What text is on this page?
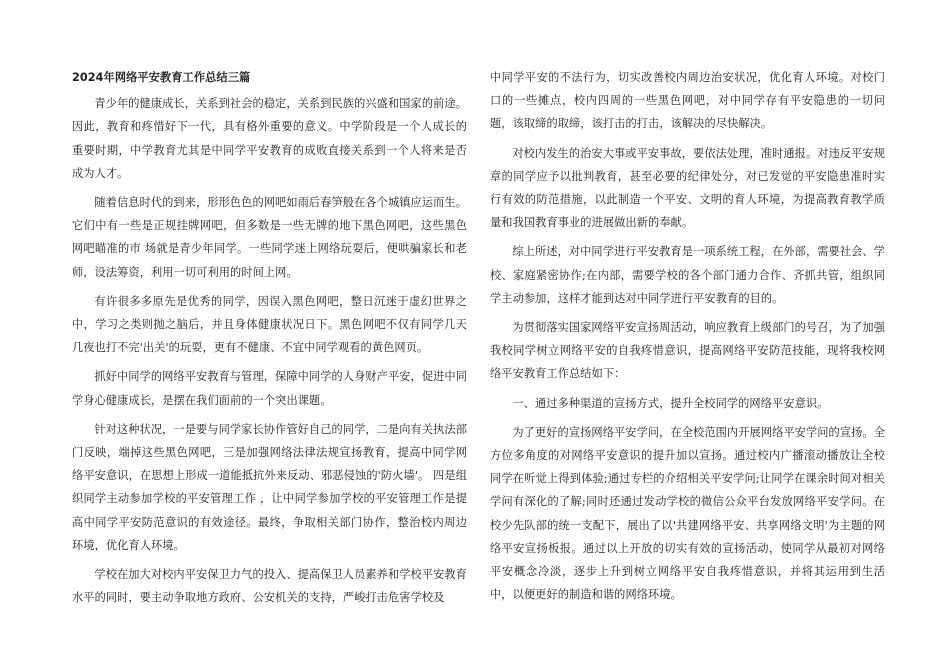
2024年网络平安教育工作总结三篇

青少年的健康成长，关系到社会的稳定，关系到民族的兴盛和国家的前途。因此，教育和疼惜好下一代，具有格外重要的意义。中学阶段是一个人成长的重要时期，中学教育尤其是中同学平安教育的成败直接关系到一个人将来是否成为人才。

随着信息时代的到来，形形色色的网吧如雨后春笋般在各个城镇应运而生。它们中有一些是正规挂牌网吧，但多数是一些无牌的地下黑色网吧，这些黑色网吧瞄准的市 场就是青少年同学。一些同学迷上网络玩耍后，便哄骗家长和老师，设法筹资，利用一切可利用的时间上网。

有许很多多原先是优秀的同学，因误入黑色网吧，整日沉迷于虚幻世界之中，学习之类则抛之脑后，并且身体健康状况日下。黑色网吧不仅有同学几天几夜也打不完'出关'的玩耍，更有不健康、不宜中同学观看的黄色网页。

抓好中同学的网络平安教育与管理，保障中同学的人身财产平安，促进中同学身心健康成长，是摆在我们面前的一个突出课题。

针对这种状况，一是要与同学家长协作管好自己的同学，二是向有关执法部门反映，端掉这些黑色网吧，三是加强网络法律法规宣扬教育，提高中同学网络平安意识，在思想上形成一道能抵抗外来反动、邪恶侵蚀的'防火墙'。 四是组织同学主动参加学校的平安管理工作 ，让中同学参加学校的平安管理工作是提高中同学平安防范意识的有效途径。最终，争取相关部门协作，整治校内周边环境，优化育人环境。

学校在加大对校内平安保卫力气的投入、提高保卫人员素养和学校平安教育水平的同时，要主动争取地方政府、公安机关的支持，严峻打击危害学校及

中同学平安的不法行为，切实改善校内周边治安状况，优化育人环境。对校门口的一些摊点，校内四周的一些黑色网吧，对中同学存有平安隐患的一切问题，该取缔的取缔，该打击的打击，该解决的尽快解决。

对校内发生的治安大事或平安事故，要依法处理，准时通报。对违反平安规章的同学应予以批判教育，甚至必要的纪律处分，对已发觉的平安隐患准时实行有效的防范措施，以此制造一个平安、文明的育人环境，为提高教育教学质量和我国教育事业的进展做出新的奉献。

综上所述，对中同学进行平安教育是一项系统工程，在外部，需要社会、学校、家庭紧密协作;在内部，需要学校的各个部门通力合作、齐抓共管，组织同学主动参加，这样才能到达对中同学进行平安教育的目的。

为贯彻落实国家网络平安宣扬周活动，响应教育上级部门的号召，为了加强我校同学树立网络平安的自我疼惜意识，提高网络平安防范技能，现将我校网络平安教育工作总结如下：

一、通过多种渠道的宣扬方式，提升全校同学的网络平安意识。

为了更好的宣扬网络平安学问，在全校范围内开展网络平安学问的宣扬。全方位多角度的对网络平安意识的提升加以宣扬。通过校内广播滚动播放让全校同学在听觉上得到体验;通过专栏的介绍相关平安学问;让同学在课余时间对相关学问有深化的了解;同时还通过发动学校的微信公众平台发放网络平安学问。在校少先队部的统一支配下，展出了以'共建网络平安、共享网络文明'为主题的网络平安宣扬板报。通过以上开放的切实有效的宣扬活动，使同学从最初对网络平安概念冷淡，逐步上升到树立网络平安自我疼惜意识，并将其运用到生活中，以便更好的制造和谐的网络环境。
